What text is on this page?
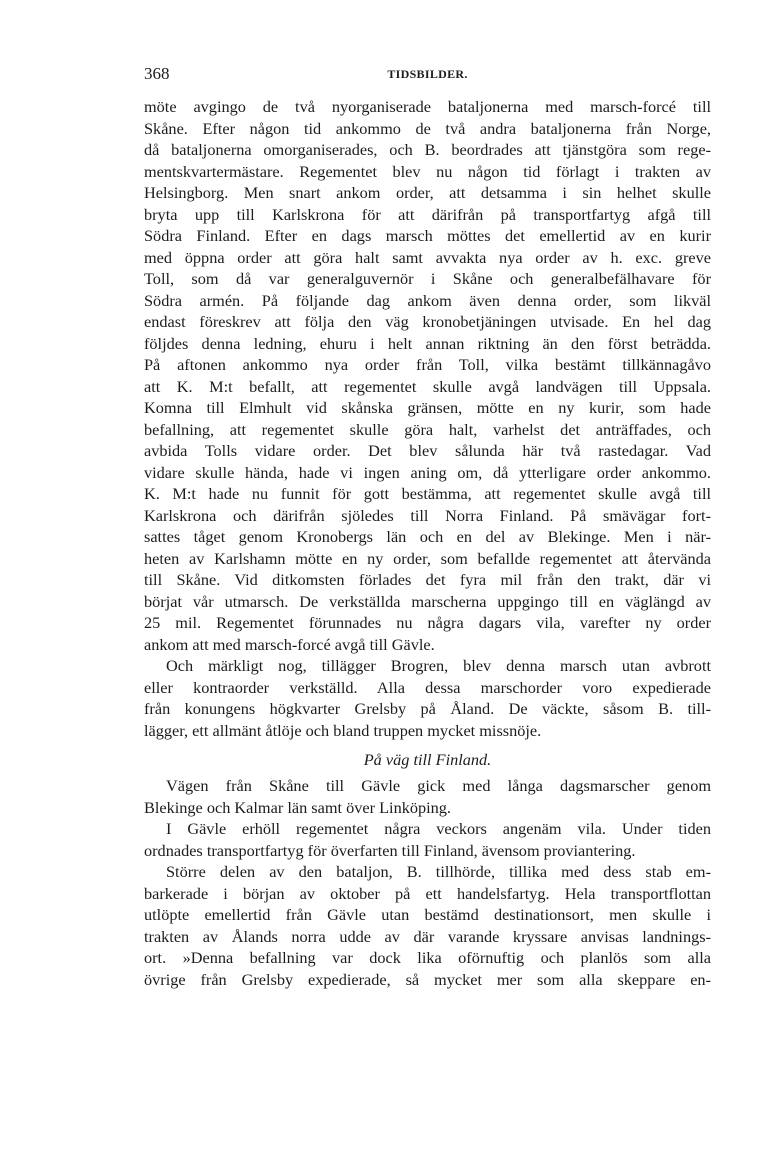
368	TIDSBILDER.
möte avgingo de två nyorganiserade bataljonerna med marsch-forcé till
Skåne. Efter någon tid ankommo de två andra bataljonerna från Norge,
då bataljonerna omorganiserades, och B. beordrades att tjänstgöra som rege-
mentskvartermästare. Regementet blev nu någon tid förlagt i trakten av
Helsingborg. Men snart ankom order, att detsamma i sin helhet skulle
bryta upp till Karlskrona för att därifrån på transportfartyg afgå till
Södra Finland. Efter en dags marsch möttes det emellertid av en kurir
med öppna order att göra halt samt avvakta nya order av h. exc. greve
Toll, som då var generalguvernör i Skåne och generalbefälhavare för
Södra armén. På följande dag ankom även denna order, som likväl
endast föreskrev att följa den väg kronobetjäningen utvisade. En hel dag
följdes denna ledning, ehuru i helt annan riktning än den först beträdda.
På aftonen ankommo nya order från Toll, vilka bestämt tillkännagåvo
att K. M:t befallt, att regementet skulle avgå landvägen till Uppsala.
Komna till Elmhult vid skånska gränsen, mötte en ny kurir, som hade
befallning, att regementet skulle göra halt, varhelst det anträffades, och
avbida Tolls vidare order. Det blev sålunda här två rastedagar. Vad
vidare skulle hända, hade vi ingen aning om, då ytterligare order ankommo.
K. M:t hade nu funnit för gott bestämma, att regementet skulle avgå till
Karlskrona och därifrån sjöledes till Norra Finland. På smävägar fort-
sattes tåget genom Kronobergs län och en del av Blekinge. Men i när-
heten av Karlshamn mötte en ny order, som befallde regementet att återvända
till Skåne. Vid ditkomsten förlades det fyra mil från den trakt, där vi
börjat vår utmarsch. De verkställda marscherna uppgingo till en väglängd av
25 mil. Regementet förunnades nu några dagars vila, varefter ny order
ankom att med marsch-forcé avgå till Gävle.
Och märkligt nog, tillägger Brogren, blev denna marsch utan avbrott
eller kontraorder verkställd. Alla dessa marschorder voro expedierade
från konungens högkvarter Grelsby på Åland. De väckte, såsom B. till-
lägger, ett allmänt åtlöje och bland truppen mycket missnöje.
På väg till Finland.
Vägen från Skåne till Gävle gick med långa dagsmarscher genom
Blekinge och Kalmar län samt över Linköping.
I Gävle erhöll regementet några veckors angenäm vila. Under tiden
ordnades transportfartyg för överfarten till Finland, ävensom proviantering.
Större delen av den bataljon, B. tillhörde, tillika med dess stab em-
barkerade i början av oktober på ett handelsfartyg. Hela transportflottan
utlöpte emellertid från Gävle utan bestämd destinationsort, men skulle i
trakten av Ålands norra udde av där varande kryssare anvisas landnings-
ort. »Denna befallning var dock lika oförnuftig och planlös som alla
övrige från Grelsby expedierade, så mycket mer som alla skeppare en-
